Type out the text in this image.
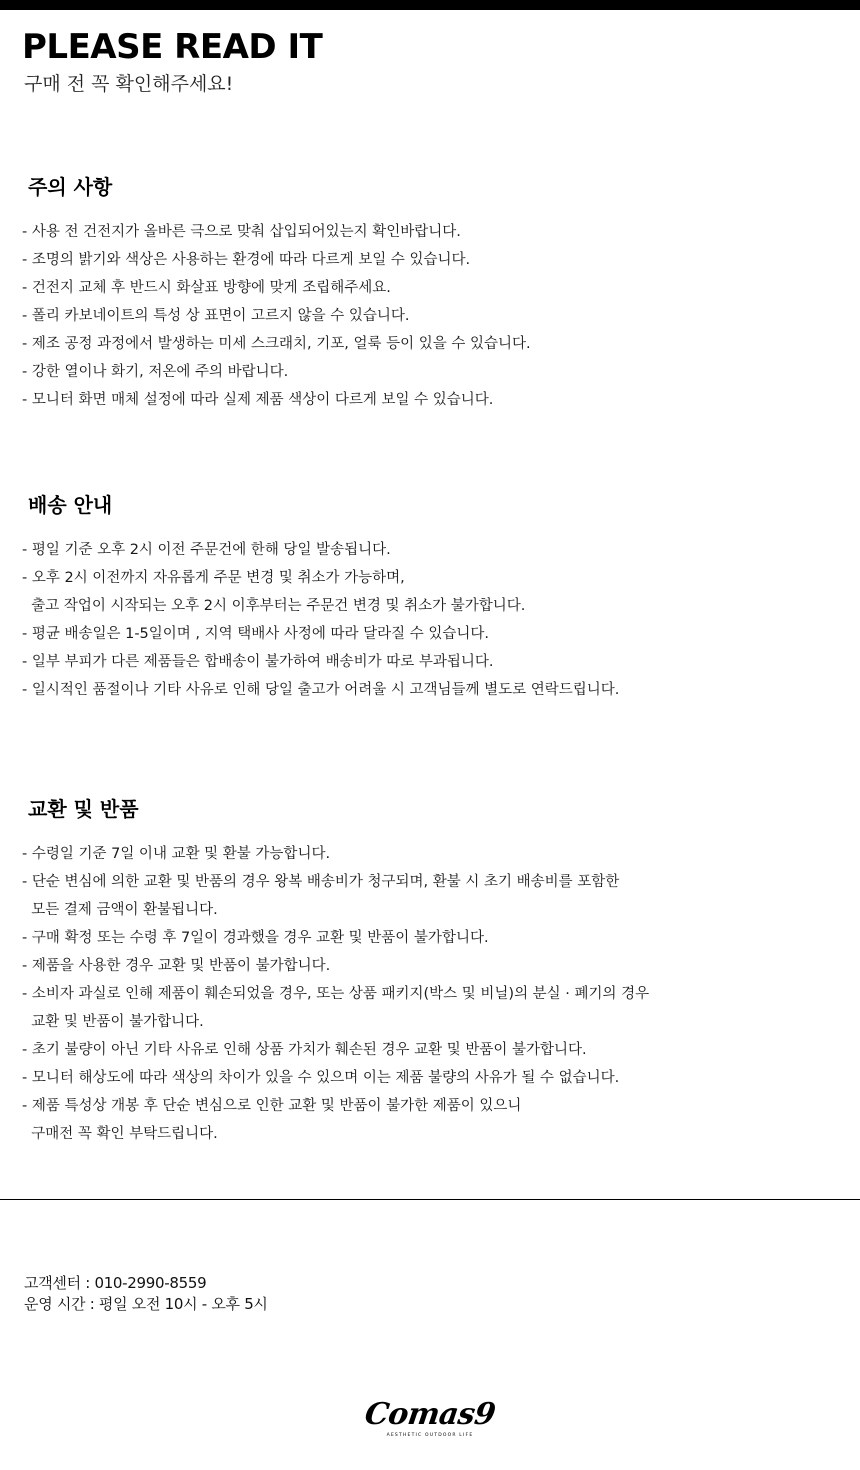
PLEASE READ IT
구매 전 꼭 확인해주세요!
주의 사항
- 사용 전 건전지가 올바른 극으로 맞춰 삽입되어있는지 확인바랍니다.
- 조명의 밝기와 색상은 사용하는 환경에 따라 다르게 보일 수 있습니다.
- 건전지 교체 후 반드시 화살표 방향에 맞게 조립해주세요.
- 폴리 카보네이트의 특성 상 표면이 고르지 않을 수 있습니다.
- 제조 공정 과정에서 발생하는 미세 스크래치, 기포, 얼룩 등이 있을 수 있습니다.
- 강한 열이나 화기, 저온에 주의 바랍니다.
- 모니터 화면 매체 설정에 따라 실제 제품 색상이 다르게 보일 수 있습니다.
배송 안내
- 평일 기준 오후 2시 이전 주문건에 한해 당일 발송됩니다.
- 오후 2시 이전까지 자유롭게 주문 변경 및 취소가 가능하며,
출고 작업이 시작되는 오후 2시 이후부터는 주문건 변경 및 취소가 불가합니다.
- 평균 배송일은 1-5일이며 , 지역 택배사 사정에 따라 달라질 수 있습니다.
- 일부 부피가 다른 제품들은 합배송이 불가하여 배송비가 따로 부과됩니다.
- 일시적인 품절이나 기타 사유로 인해 당일 출고가 어려울 시 고객님들께 별도로 연락드립니다.
교환 및 반품
- 수령일 기준 7일 이내 교환 및 환불 가능합니다.
- 단순 변심에 의한 교환 및 반품의 경우 왕복 배송비가 청구되며, 환불 시 초기 배송비를 포함한
모든 결제 금액이 환불됩니다.
- 구매 확정 또는 수령 후 7일이 경과했을 경우 교환 및 반품이 불가합니다.
- 제품을 사용한 경우 교환 및 반품이 불가합니다.
- 소비자 과실로 인해 제품이 훼손되었을 경우, 또는 상품 패키지(박스 및 비닐)의 분실 · 폐기의 경우
교환 및 반품이 불가합니다.
- 초기 불량이 아닌 기타 사유로 인해 상품 가치가 훼손된 경우 교환 및 반품이 불가합니다.
- 모니터 해상도에 따라 색상의 차이가 있을 수 있으며 이는 제품 불량의 사유가 될 수 없습니다.
- 제품 특성상 개봉 후 단순 변심으로 인한 교환 및 반품이 불가한 제품이 있으니
구매전 꼭 확인 부탁드립니다.
고객센터 : 010-2990-8559
운영 시간 : 평일 오전 10시 - 오후 5시
Comas9
AESTHETIC OUTDOOR LIFE
